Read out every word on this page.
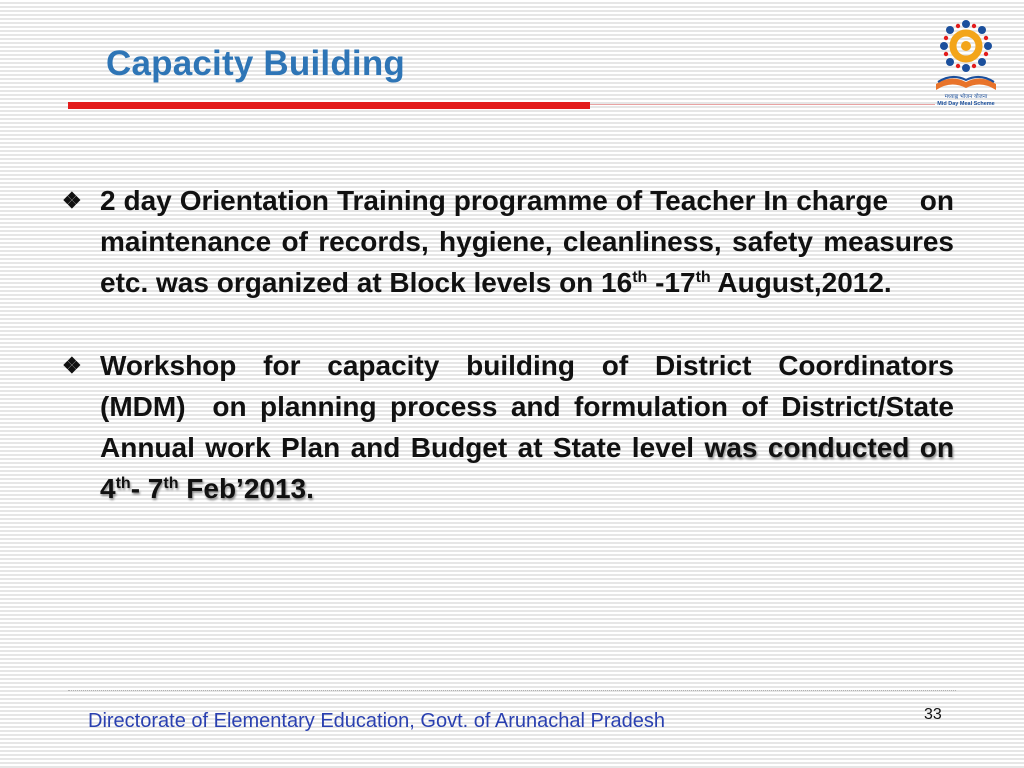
Capacity Building
मध्याह्न भोजन योजना
Mid Day Meal Scheme
❖ 2 day Orientation Training programme of Teacher In charge    on maintenance of records, hygiene, cleanliness, safety measures etc. was organized at Block levels on 16th -17th August,2012.
❖ Workshop for capacity building of District Coordinators (MDM)  on planning process and formulation of District/State Annual work Plan and Budget at State level was conducted on 4th- 7th Feb’2013.
Directorate of Elementary Education, Govt. of Arunachal Pradesh	33
